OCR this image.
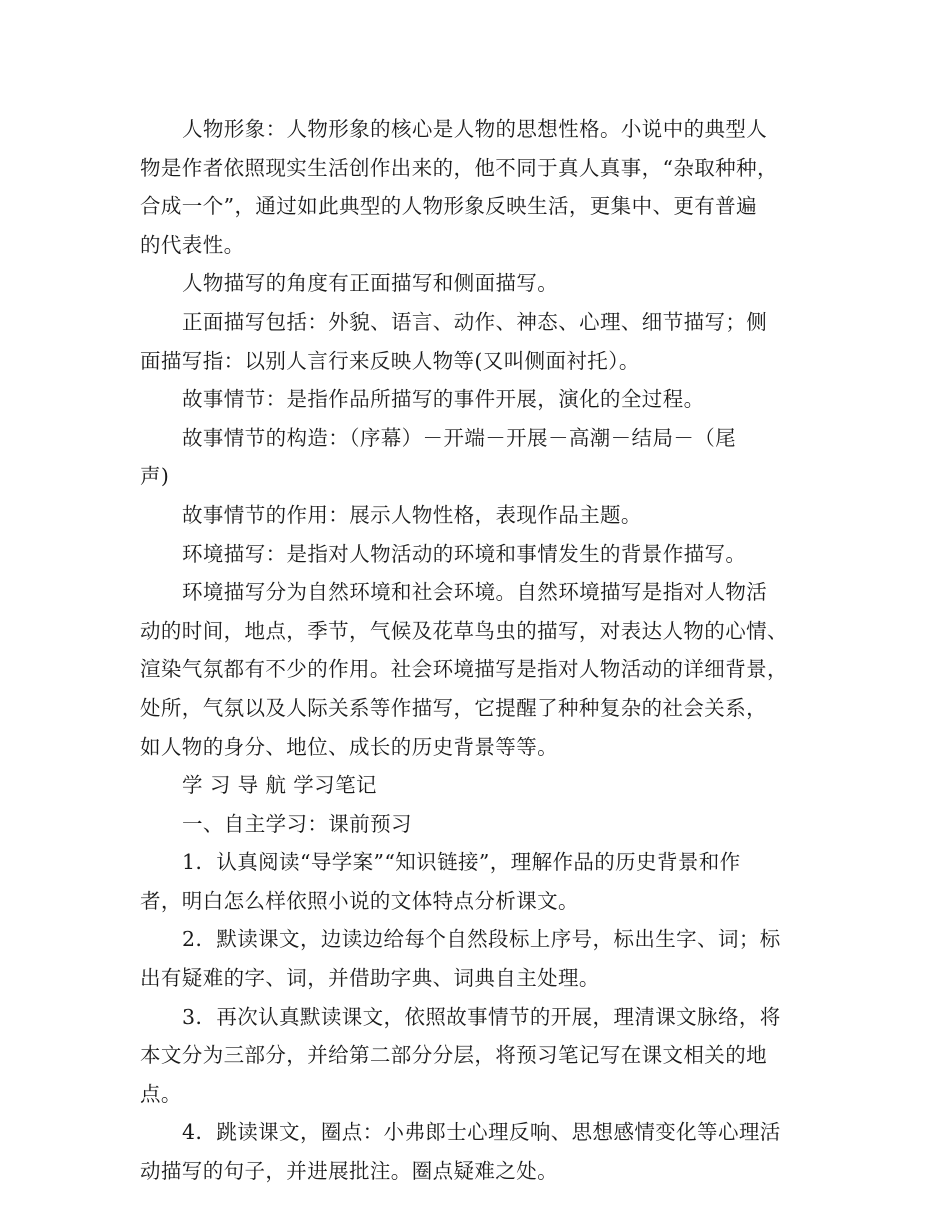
人物形象：人物形象的核心是人物的思想性格。小说中的典型人
物是作者依照现实生活创作出来的，他不同于真人真事，“杂取种种，
合成一个”，通过如此典型的人物形象反映生活，更集中、更有普遍
的代表性。
人物描写的角度有正面描写和侧面描写。
正面描写包括：外貌、语言、动作、神态、心理、细节描写；侧
面描写指：以别人言行来反映人物等(又叫侧面衬托）。
故事情节：是指作品所描写的事件开展，演化的全过程。
故事情节的构造：（序幕）－开端－开展－高潮－结局－（尾
声)
故事情节的作用：展示人物性格，表现作品主题。
环境描写：是指对人物活动的环境和事情发生的背景作描写。
环境描写分为自然环境和社会环境。自然环境描写是指对人物活
动的时间，地点，季节，气候及花草鸟虫的描写，对表达人物的心情、
渲染气氛都有不少的作用。社会环境描写是指对人物活动的详细背景，
处所，气氛以及人际关系等作描写，它提醒了种种复杂的社会关系，
如人物的身分、地位、成长的历史背景等等。
学 习 导 航 学习笔记
一、自主学习：课前预习
1．认真阅读“导学案”“知识链接”，理解作品的历史背景和作
者，明白怎么样依照小说的文体特点分析课文。
2．默读课文，边读边给每个自然段标上序号，标出生字、词；标
出有疑难的字、词，并借助字典、词典自主处理。
3．再次认真默读课文，依照故事情节的开展，理清课文脉络，将
本文分为三部分，并给第二部分分层，将预习笔记写在课文相关的地
点。
4．跳读课文，圈点：小弗郎士心理反响、思想感情变化等心理活
动描写的句子，并进展批注。圈点疑难之处。
